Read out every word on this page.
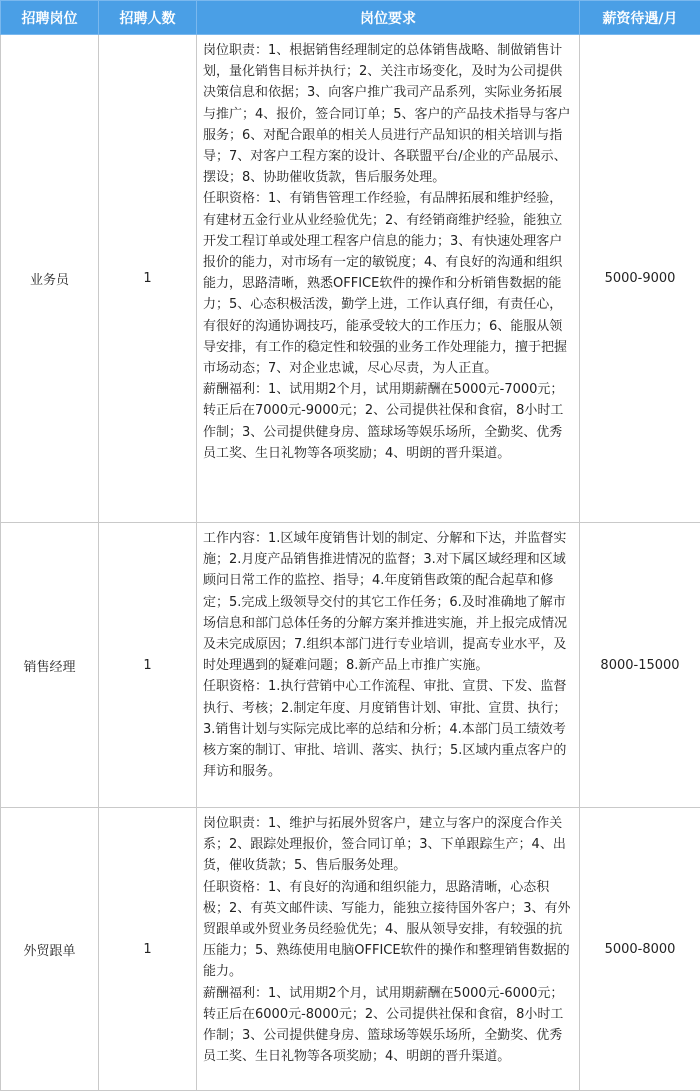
招聘岗位	招聘人数	岗位要求	薪资待遇/月
业务员	1	岗位职责：1、根据销售经理制定的总体销售战略、制做销售计划，量化销售目标并执行；2、关注市场变化，及时为公司提供决策信息和依据；3、向客户推广我司产品系列，实际业务拓展与推广；4、报价，签合同订单；5、客户的产品技术指导与客户服务；6、对配合跟单的相关人员进行产品知识的相关培训与指导；7、对客户工程方案的设计、各联盟平台/企业的产品展示、摆设；8、协助催收货款，售后服务处理。
任职资格：1、有销售管理工作经验，有品牌拓展和维护经验，有建材五金行业从业经验优先；2、有经销商维护经验，能独立开发工程订单或处理工程客户信息的能力；3、有快速处理客户报价的能力，对市场有一定的敏锐度；4、有良好的沟通和组织能力，思路清晰，熟悉OFFICE软件的操作和分析销售数据的能力；5、心态积极活泼，勤学上进，工作认真仔细，有责任心，有很好的沟通协调技巧，能承受较大的工作压力；6、能服从领导安排，有工作的稳定性和较强的业务工作处理能力，擅于把握市场动态；7、对企业忠诚，尽心尽责，为人正直。
薪酬福利：1、试用期2个月，试用期薪酬在5000元-7000元；转正后在7000元-9000元；2、公司提供社保和食宿，8小时工作制；3、公司提供健身房、篮球场等娱乐场所，全勤奖、优秀员工奖、生日礼物等各项奖励；4、明朗的晋升渠道。	5000-9000
销售经理	1	工作内容：1.区域年度销售计划的制定、分解和下达，并监督实施；2.月度产品销售推进情况的监督；3.对下属区域经理和区域顾问日常工作的监控、指导；4.年度销售政策的配合起草和修定；5.完成上级领导交付的其它工作任务；6.及时准确地了解市场信息和部门总体任务的分解方案并推进实施，并上报完成情况及未完成原因；7.组织本部门进行专业培训，提高专业水平，及时处理遇到的疑难问题；8.新产品上市推广实施。
任职资格：1.执行营销中心工作流程、审批、宣贯、下发、监督执行、考核；2.制定年度、月度销售计划、审批、宣贯、执行；3.销售计划与实际完成比率的总结和分析；4.本部门员工绩效考核方案的制订、审批、培训、落实、执行；5.区域内重点客户的拜访和服务。	8000-15000
外贸跟单	1	岗位职责：1、维护与拓展外贸客户，建立与客户的深度合作关系；2、跟踪处理报价，签合同订单；3、下单跟踪生产；4、出货，催收货款；5、售后服务处理。
任职资格：1、有良好的沟通和组织能力，思路清晰，心态积极；2、有英文邮件读、写能力，能独立接待国外客户；3、有外贸跟单或外贸业务员经验优先；4、服从领导安排，有较强的抗压能力；5、熟练使用电脑OFFICE软件的操作和整理销售数据的能力。
薪酬福利：1、试用期2个月，试用期薪酬在5000元-6000元；转正后在6000元-8000元；2、公司提供社保和食宿，8小时工作制；3、公司提供健身房、篮球场等娱乐场所，全勤奖、优秀员工奖、生日礼物等各项奖励；4、明朗的晋升渠道。	5000-8000
